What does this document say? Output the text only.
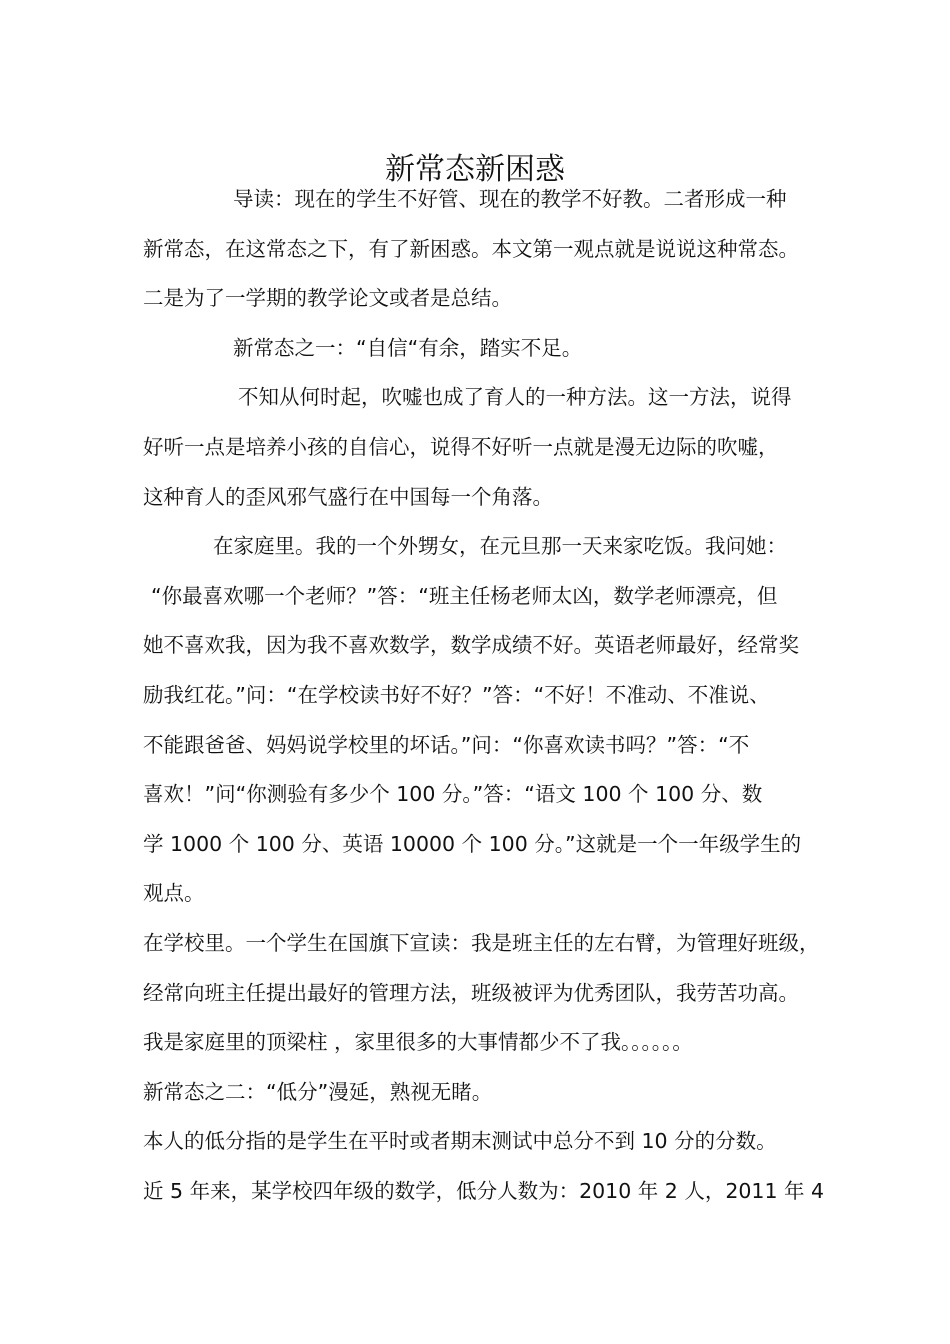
新常态新困惑
导读：现在的学生不好管、现在的教学不好教。二者形成一种
新常态，在这常态之下，有了新困惑。本文第一观点就是说说这种常态。
二是为了一学期的教学论文或者是总结。
新常态之一：“自信“有余，踏实不足。
不知从何时起，吹嘘也成了育人的一种方法。这一方法，说得
好听一点是培养小孩的自信心，说得不好听一点就是漫无边际的吹嘘，
这种育人的歪风邪气盛行在中国每一个角落。
在家庭里。我的一个外甥女，在元旦那一天来家吃饭。我问她：
“你最喜欢哪一个老师？”答：“班主任杨老师太凶，数学老师漂亮，但
她不喜欢我，因为我不喜欢数学，数学成绩不好。英语老师最好，经常奖
励我红花。”问：“在学校读书好不好？”答：“不好！不准动、不准说、
不能跟爸爸、妈妈说学校里的坏话。”问：“你喜欢读书吗？”答：“不
喜欢！”问“你测验有多少个 100 分。”答：“语文 100 个 100 分、数
学 1000 个 100 分、英语 10000 个 100 分。”这就是一个一年级学生的
观点。
在学校里。一个学生在国旗下宣读：我是班主任的左右臂，为管理好班级，
经常向班主任提出最好的管理方法，班级被评为优秀团队，我劳苦功高。
我是家庭里的顶梁柱 ，家里很多的大事情都少不了我。。。。。。
新常态之二：“低分”漫延，熟视无睹。
本人的低分指的是学生在平时或者期末测试中总分不到 10 分的分数。
近 5 年来，某学校四年级的数学，低分人数为：2010 年 2 人，2011 年 4
